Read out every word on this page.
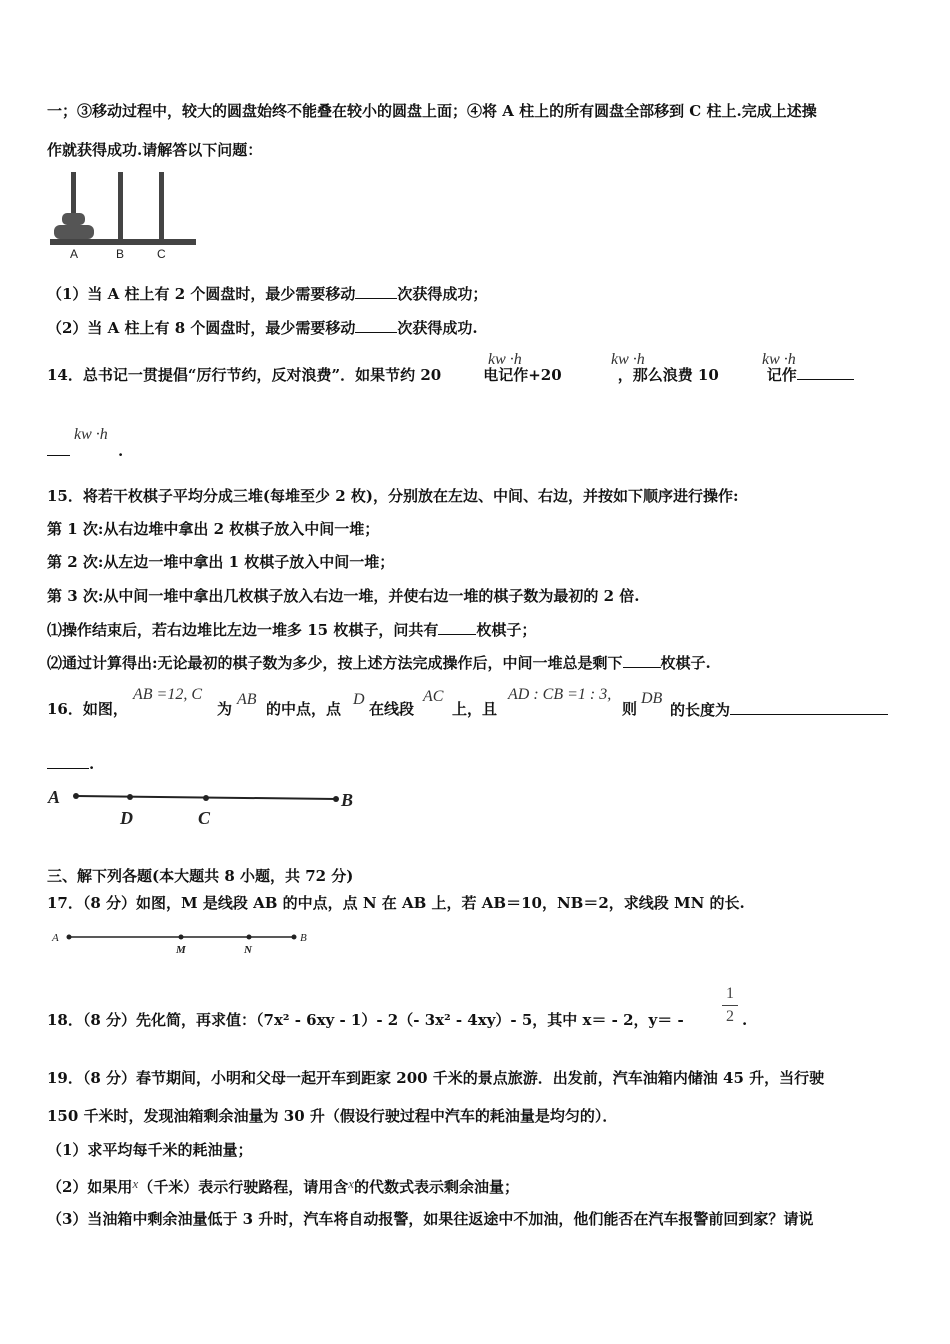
一；③移动过程中，较大的圆盘始终不能叠在较小的圆盘上面；④将 A 柱上的所有圆盘全部移到 C 柱上.完成上述操
作就获得成功.请解答以下问题：
A	B	C
（1）当 A 柱上有 2 个圆盘时，最少需要移动	次获得成功；
（2）当 A 柱上有 8 个圆盘时，最少需要移动	次获得成功.
14．总书记一贯提倡“厉行节约，反对浪费”．如果节约 20	电记作+20	，那么浪费 10	记作
kw ·h	kw ·h	kw ·h
.
kw ·h
15．将若干枚棋子平均分成三堆(每堆至少 2 枚)，分别放在左边、中间、右边，并按如下顺序进行操作:
第 1 次:从右边堆中拿出 2 枚棋子放入中间一堆；
第 2 次:从左边一堆中拿出 1 枚棋子放入中间一堆；
第 3 次:从中间一堆中拿出几枚棋子放入右边一堆，并使右边一堆的棋子数为最初的 2 倍.
⑴操作结束后，若右边堆比左边一堆多 15 枚棋子，问共有	枚棋子；
⑵通过计算得出:无论最初的棋子数为多少，按上述方法完成操作后，中间一堆总是剩下	枚棋子.
16．如图，
AB =12, C
为
AB
的中点，点
D
在线段
AC
上，且
AD : CB =1 : 3,
则
DB
的长度为
.
A
D	C
B
三、解下列各题(本大题共 8 小题，共 72 分)
17．（8 分）如图，M 是线段 AB 的中点，点 N 在 AB 上，若 AB＝10，NB＝2，求线段 MN 的长.
A
M	N
B
18．（8 分）先化简，再求值：（7x² ‑ 6xy ‑ 1）‑ 2（‑ 3x² ‑ 4xy）‑ 5，其中 x＝ ‑ 2，y＝ ‑
1
2 .
19．（8 分）春节期间，小明和父母一起开车到距家 200 千米的景点旅游．出发前，汽车油箱内储油 45 升，当行驶
150 千米时，发现油箱剩余油量为 30 升（假设行驶过程中汽车的耗油量是均匀的）．
（1）求平均每千米的耗油量；
（2）如果用x（千米）表示行驶路程，请用含x的代数式表示剩余油量；
（3）当油箱中剩余油量低于 3 升时，汽车将自动报警，如果往返途中不加油，他们能否在汽车报警前回到家？请说
